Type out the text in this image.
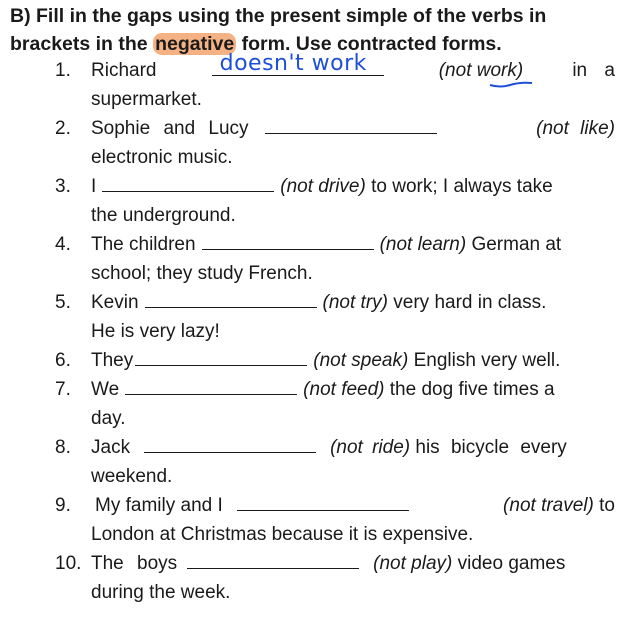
B) Fill in the gaps using the present simple of the verbs in brackets in the negative form. Use contracted forms.
1. Richard	doesn't work	(not work)	in a
supermarket.
2. Sophie and Lucy	(not like)
electronic music.
3. I	(not drive)
to work; I always take
the underground.
4. The children	(not learn)
German at
school; they study French.
5. Kevin	(not try)
very hard in class.
He is very lazy!
6. They	(not speak)
English very well.
7. We	(not feed)
the dog five times a
day.
8. Jack	(not ride)
his bicycle every
weekend.
9. My family and I	(not travel)
to
London at Christmas because it is expensive.
10. The boys	(not play)
video games
during the week.
